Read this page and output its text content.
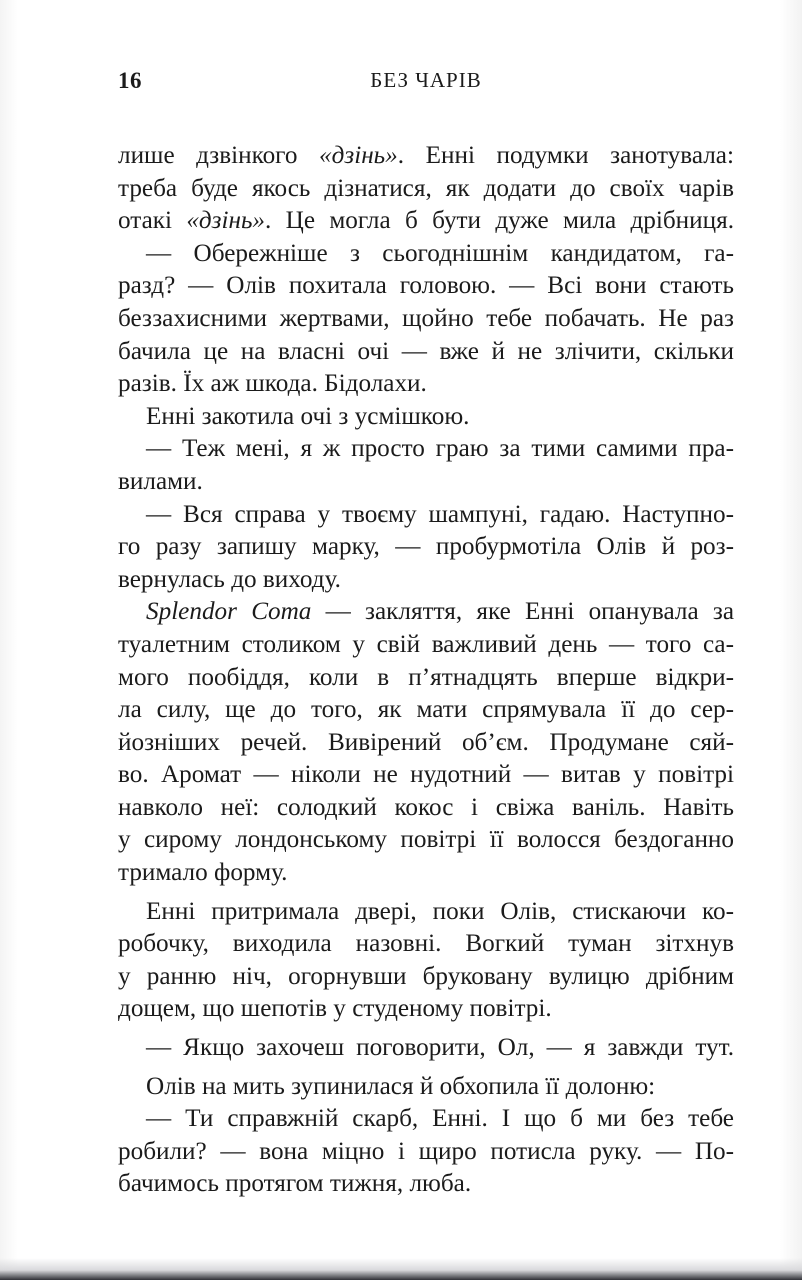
16	БЕЗ ЧАРІВ
лише дзвінкого «дзінь». Енні подумки занотувала:
треба буде якось дізнатися, як додати до своїх чарів
отакі «дзінь». Це могла б бути дуже мила дрібниця.
— Обережніше з сьогоднішнім кандидатом, га-
разд? — Олів похитала головою. — Всі вони стають
беззахисними жертвами, щойно тебе побачать. Не раз
бачила це на власні очі — вже й не злічити, скільки
разів. Їх аж шкода. Бідолахи.
Енні закотила очі з усмішкою.
— Теж мені, я ж просто граю за тими самими пра-
вилами.
— Вся справа у твоєму шампуні, гадаю. Наступно-
го разу запишу марку, — пробурмотіла Олів й роз-
вернулась до виходу.
Splendor Coma — закляття, яке Енні опанувала за
туалетним столиком у свій важливий день — того са-
мого пообіддя, коли в п’ятнадцять вперше відкри-
ла силу, ще до того, як мати спрямувала її до сер-
йозніших речей. Вивірений об’єм. Продумане сяй-
во. Аромат — ніколи не нудотний — витав у повітрі
навколо неї: солодкий кокос і свіжа ваніль. Навіть
у сирому лондонському повітрі її волосся бездоганно
тримало форму.
Енні притримала двері, поки Олів, стискаючи ко-
робочку, виходила назовні. Вогкий туман зітхнув
у ранню ніч, огорнувши бруковану вулицю дрібним
дощем, що шепотів у студеному повітрі.
— Якщо захочеш поговорити, Ол, — я завжди тут.
Олів на мить зупинилася й обхопила її долоню:
— Ти справжній скарб, Енні. І що б ми без тебе
робили? — вона міцно і щиро потисла руку. — По-
бачимось протягом тижня, люба.
